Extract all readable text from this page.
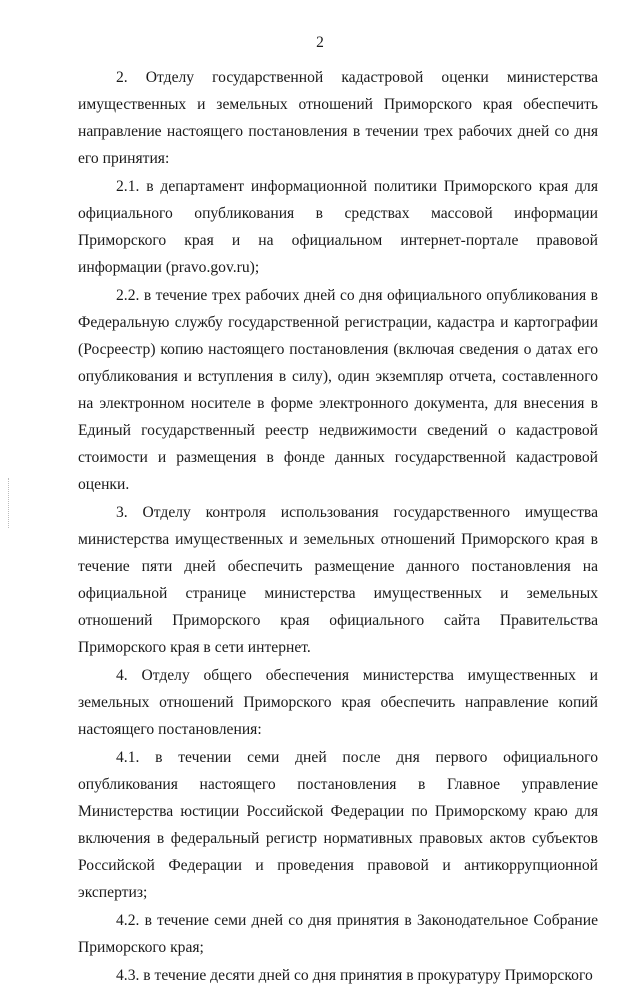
2

2. Отделу государственной кадастровой оценки министерства имущественных и земельных отношений Приморского края обеспечить направление настоящего постановления в течении трех рабочих дней со дня его принятия:

2.1. в департамент информационной политики Приморского края для официального опубликования в средствах массовой информации Приморского края и на официальном интернет-портале правовой информации (pravo.gov.ru);

2.2. в течение трех рабочих дней со дня официального опубликования в Федеральную службу государственной регистрации, кадастра и картографии (Росреестр) копию настоящего постановления (включая сведения о датах его опубликования и вступления в силу), один экземпляр отчета, составленного на электронном носителе в форме электронного документа, для внесения в Единый государственный реестр недвижимости сведений о кадастровой стоимости и размещения в фонде данных государственной кадастровой оценки.

3. Отделу контроля использования государственного имущества министерства имущественных и земельных отношений Приморского края в течение пяти дней обеспечить размещение данного постановления на официальной странице министерства имущественных и земельных отношений Приморского края официального сайта Правительства Приморского края в сети интернет.

4. Отделу общего обеспечения министерства имущественных и земельных отношений Приморского края обеспечить направление копий настоящего постановления:

4.1. в течении семи дней после дня первого официального опубликования настоящего постановления в Главное управление Министерства юстиции Российской Федерации по Приморскому краю для включения в федеральный регистр нормативных правовых актов субъектов Российской Федерации и проведения правовой и антикоррупционной экспертиз;

4.2. в течение семи дней со дня принятия в Законодательное Собрание Приморского края;

4.3. в течение десяти дней со дня принятия в прокуратуру Приморского
